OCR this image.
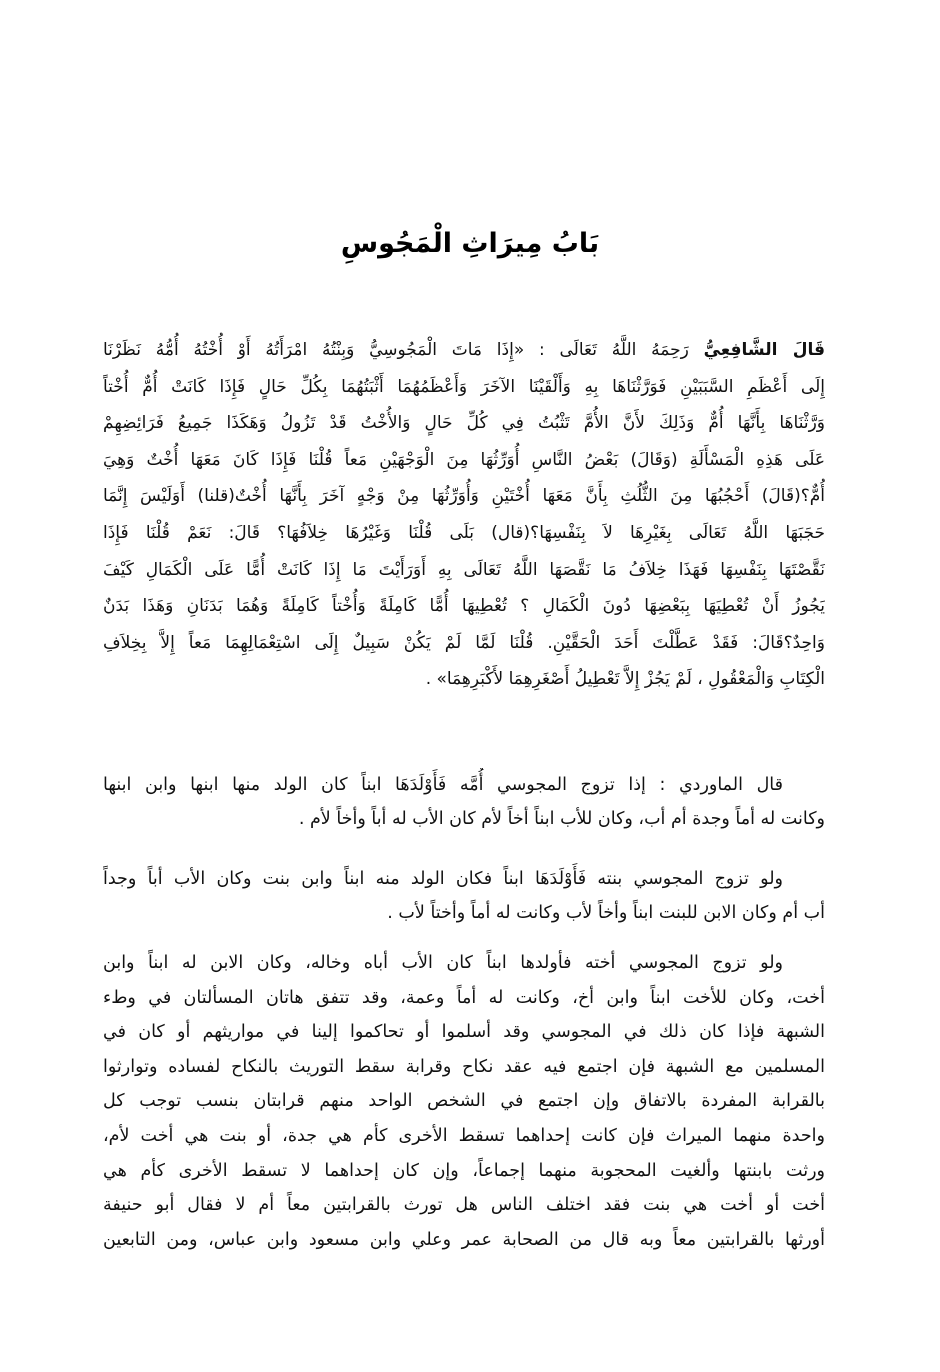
بَابُ مِيرَاثِ الْمَجُوسِ
قَالَ الشَّافِعِيُّ رَحِمَهُ اللَّهُ تَعَالَى : «إِذَا مَاتَ الْمَجُوسِيُّ وَبِنْتُهُ امْرَأَتُهُ أَوْ أُخْتُهُ أُمُّهُ نَظَرْنَا
إِلَى أَعْظَمِ السَّبَبَيْنِ فَوَرَّثْنَاهَا بِهِ وَأَلْقَيْنَا الآخَرَ وَأَعْظَمُهُمَا أَثْبَتُهُمَا بِكُلِّ حَالٍ فَإِذَا كَانَتْ أُمٌّ أُخْتاً
وَرَّثْنَاهَا بِأَنَّهَا أُمٌّ وَذَلِكَ لأَنَّ الأُمَّ تَثْبُتُ فِي كُلِّ حَالٍ وَالأُخْتُ قَدْ تَزُولُ وَهَكَذَا جَمِيعُ فَرَائِضِهِمْ
عَلَى هَذِهِ الْمَسْأَلَةِ (وَقَالَ) بَعْضُ النَّاسِ أُوَرِّثُهَا مِنَ الْوَجْهَيْنِ مَعاً قُلْنَا فَإِذَا كَانَ مَعَهَا أُخْتٌ وَهِيَ
أُمٌّ؟(قَالَ) أَحْجُبُهَا مِنَ الثُّلُثِ بِأَنَّ مَعَهَا أُخْتَيْنِ وَأُوَرِّثُهَا مِنْ وَجْهٍ آخَرَ بِأَنَّهَا أُخْتٌ(قلنا) أَوَلَيْسَ إِنَّمَا
حَجَبَهَا اللَّهُ تَعَالَى بِغَيْرِهَا لاَ بِنَفْسِهَا؟(قال) بَلَى قُلْنَا وَغَيْرُهَا خِلاَفُهَا؟ قَالَ: نَعَمْ قُلْنَا فَإِذَا
نَقَّصْتَهَا بِنَفْسِهَا فَهَذَا خِلاَفُ مَا نَقَّصَهَا اللَّهُ تَعَالَى بِهِ أَوَرَأَيْتَ مَا إِذَا كَانَتْ أُمًّا عَلَى الْكَمَالِ كَيْفَ
يَجُوزُ أَنْ تُعْطِيَهَا بِبَعْضِهَا دُونَ الْكَمَالِ ؟ تُعْطِيهَا أُمًّا كَامِلَةً وَأُخْتاً كَامِلَةً وَهُمَا بَدَنَانِ وَهَذَا بَدَنٌ
وَاحِدٌ؟قَالَ: فَقَدْ عَطَّلْتَ أَحَدَ الْحَقَّيْنِ. قُلْنَا لَمَّا لَمْ يَكُنْ سَبِيلٌ إِلَى اسْتِعْمَالِهِمَا مَعاً إِلاَّ بِخِلاَفِ
الْكِتَابِ وَالْمَعْقُولِ ، لَمْ يَجُزْ إِلاَّ تَعْطِيلُ أَصْغَرِهِمَا لأَكْبَرِهِمَا» .
قال الماوردي : إذا تزوج المجوسي أُمَّه فَأَوْلَدَهَا ابناً كان الولد منها ابنها وابن ابنها
وكانت له أماً وجدة أم أب، وكان للأب ابناً أخاً لأم كان الأب له أباً وأخاً لأم .
ولو تزوج المجوسي بنته فَأَوْلَدَهَا ابناً فكان الولد منه ابناً وابن بنت وكان الأب أباً وجداً
أب أم وكان الابن للبنت ابناً وأخاً لأب وكانت له أماً وأختاً لأب .
ولو تزوج المجوسي أخته فأولدها ابناً كان الأب أباه وخاله، وكان الابن له ابناً وابن
أخت، وكان للأخت ابناً وابن أخ، وكانت له أماً وعمة، وقد تتفق هاتان المسألتان في وطء
الشبهة فإذا كان ذلك في المجوسي وقد أسلموا أو تحاكموا إلينا في مواريثهم أو كان في
المسلمين مع الشبهة فإن اجتمع فيه عقد نكاح وقرابة سقط التوريث بالنكاح لفساده وتوارثوا
بالقرابة المفردة بالاتفاق وإن اجتمع في الشخص الواحد منهم قرابتان بنسب توجب كل
واحدة منهما الميراث فإن كانت إحداهما تسقط الأخرى كأم هي جدة، أو بنت هي أخت لأم،
ورثت بابنتها وألغيت المحجوبة منهما إجماعاً، وإن كان إحداهما لا تسقط الأخرى كأم هي
أخت أو أخت هي بنت فقد اختلف الناس هل تورث بالقرابتين معاً أم لا فقال أبو حنيفة
أورثها بالقرابتين معاً وبه قال من الصحابة عمر وعلي وابن مسعود وابن عباس، ومن التابعين
